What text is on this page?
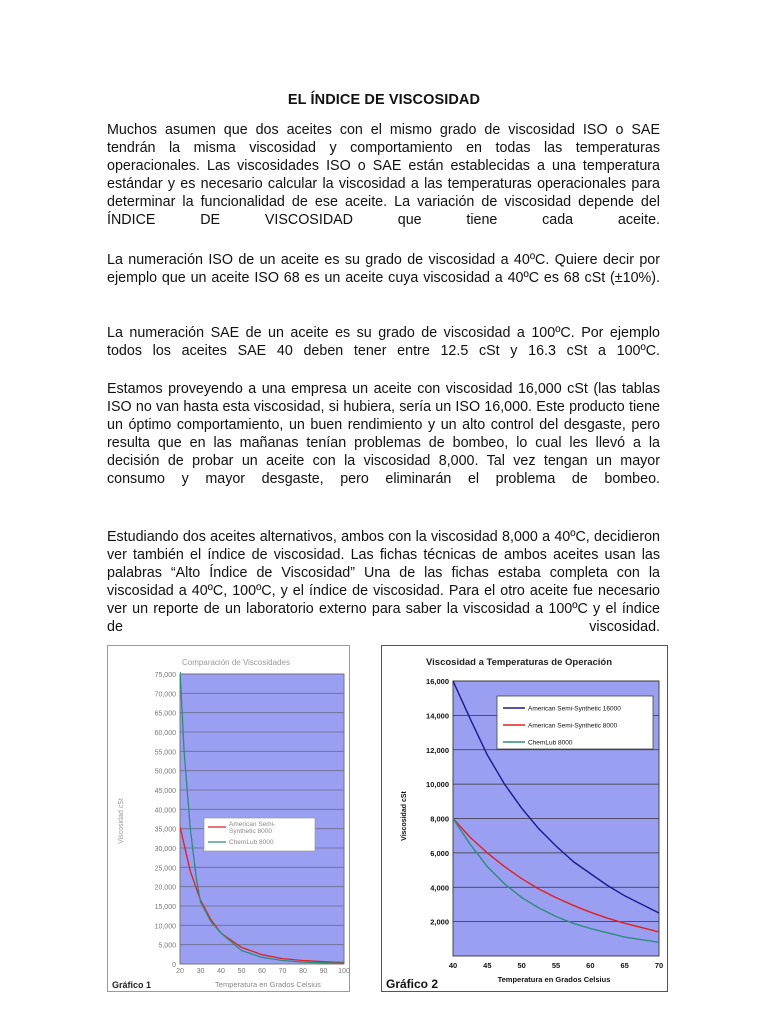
EL ÍNDICE DE VISCOSIDAD

Muchos asumen que dos aceites con el mismo grado de viscosidad ISO o SAE tendrán la misma viscosidad y comportamiento en todas las temperaturas operacionales. Las viscosidades ISO o SAE están establecidas a una temperatura estándar y es necesario calcular la viscosidad a las temperaturas operacionales para determinar la funcionalidad de ese aceite. La variación de viscosidad depende del ÍNDICE DE VISCOSIDAD que tiene cada aceite.

La numeración ISO de un aceite es su grado de viscosidad a 40ºC. Quiere decir por ejemplo que un aceite ISO 68 es un aceite cuya viscosidad a 40ºC es 68 cSt (±10%).

La numeración SAE de un aceite es su grado de viscosidad a 100ºC. Por ejemplo todos los aceites SAE 40 deben tener entre 12.5 cSt y 16.3 cSt a 100ºC.

Estamos proveyendo a una empresa un aceite con viscosidad 16,000 cSt (las tablas ISO no van hasta esta viscosidad, si hubiera, sería un ISO 16,000. Este producto tiene un óptimo comportamiento, un buen rendimiento y un alto control del desgaste, pero resulta que en las mañanas tenían problemas de bombeo, lo cual les llevó a la decisión de probar un aceite con la viscosidad 8,000. Tal vez tengan un mayor consumo y mayor desgaste, pero eliminarán el problema de bombeo.

Estudiando dos aceites alternativos, ambos con la viscosidad 8,000 a 40ºC, decidieron ver también el índice de viscosidad. Las fichas técnicas de ambos aceites usan las palabras “Alto Índice de Viscosidad” Una de las fichas estaba completa con la viscosidad a 40ºC, 100ºC, y el índice de viscosidad. Para el otro aceite fue necesario ver un reporte de un laboratorio externo para saber la viscosidad a 100ºC y el índice de viscosidad.

0
5,000
10,000
15,000
20,000
25,000
30,000
35,000
40,000
45,000
50,000
55,000
60,000
65,000
70,000
75,000
20 30 40 50 60 70 80 90 100
Comparación de Viscosidades
Viscosidad cSt
Temperatura en Grados Celsius
Gráfico 1
American Semi-
Synthetic 8000
ChemLub 8000
2,000
4,000
6,000
8,000
10,000
12,000
14,000
16,000
40	45	50	55	60	65	70
Viscosidad a Temperaturas de Operación
Viscosidad cSt
Temperatura en Grados Celsius
Gráfico 2
American Semi-Synthetic 16000
American Semi-Synthetic 8000
ChemLub 8000
